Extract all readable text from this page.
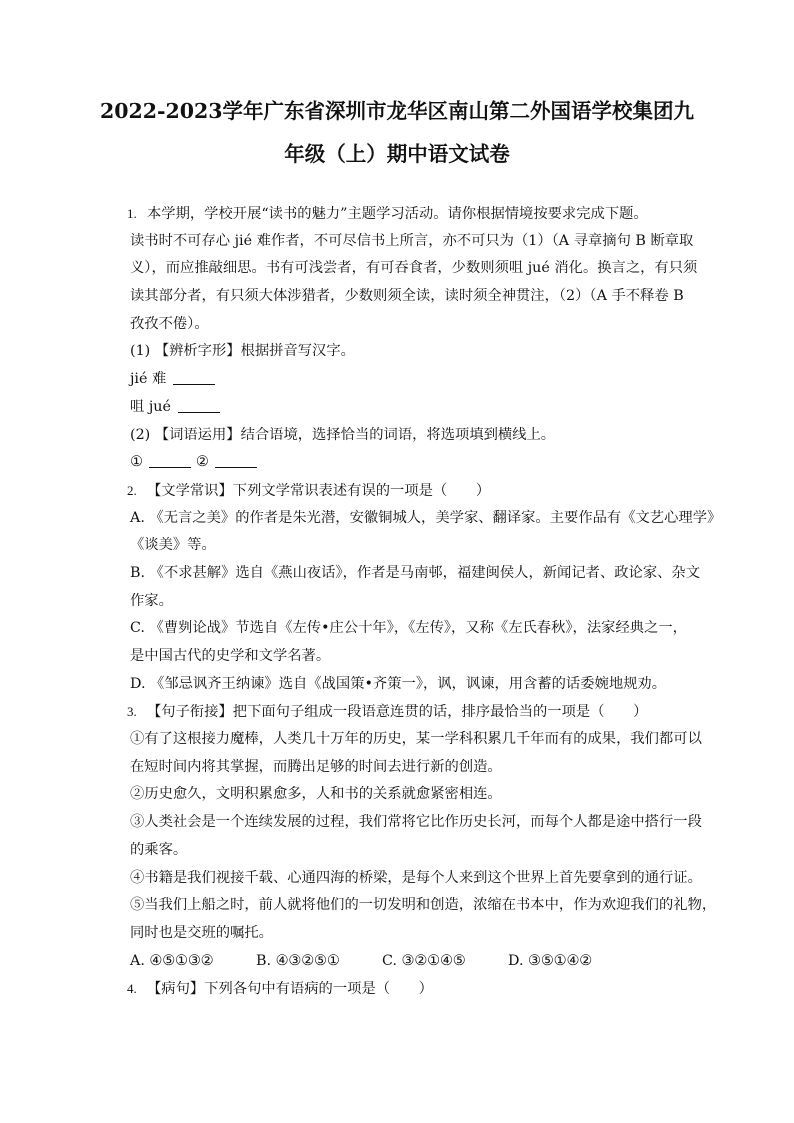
2022-2023学年广东省深圳市龙华区南山第二外国语学校集团九
年级（上）期中语文试卷
1. 本学期，学校开展“读书的魅力”主题学习活动。请你根据情境按要求完成下题。
读书时不可存心 jié 难作者，不可尽信书上所言，亦不可只为（1）（A 寻章摘句 B 断章取
义），而应推敲细思。书有可浅尝者，有可吞食者，少数则须咀 jué 消化。换言之，有只须
读其部分者，有只须大体涉猎者，少数则须全读，读时须全神贯注，（2）（A 手不释卷 B
孜孜不倦）。
(1) 【辨析字形】根据拼音写汉字。
jié 难
咀 jué
(2) 【词语运用】结合语境，选择恰当的词语，将选项填到横线上。
①	②
2. 【文学常识】下列文学常识表述有误的一项是（　　）
A. 《无言之美》的作者是朱光潜，安徽铜城人，美学家、翻译家。主要作品有《文艺心理学》
《谈美》等。
B. 《不求甚解》选自《燕山夜话》，作者是马南邨，福建闽侯人，新闻记者、政论家、杂文
作家。
C. 《曹刿论战》节选自《左传•庄公十年》，《左传》，又称《左氏春秋》，法家经典之一，
是中国古代的史学和文学名著。
D. 《邹忌讽齐王纳谏》选自《战国策•齐策一》，讽，讽谏，用含蓄的话委婉地规劝。
3. 【句子衔接】把下面句子组成一段语意连贯的话，排序最恰当的一项是（　　）
①有了这根接力魔棒，人类几十万年的历史，某一学科积累几千年而有的成果，我们都可以
在短时间内将其掌握，而腾出足够的时间去进行新的创造。
②历史愈久，文明积累愈多，人和书的关系就愈紧密相连。
③人类社会是一个连续发展的过程，我们常将它比作历史长河，而每个人都是途中搭行一段
的乘客。
④书籍是我们视接千载、心通四海的桥梁，是每个人来到这个世界上首先要拿到的通行证。
⑤当我们上船之时，前人就将他们的一切发明和创造，浓缩在书本中，作为欢迎我们的礼物，
同时也是交班的嘱托。
A. ④⑤①③②	B. ④③②⑤①	C. ③②①④⑤	D. ③⑤①④②
4. 【病句】下列各句中有语病的一项是（　　）
